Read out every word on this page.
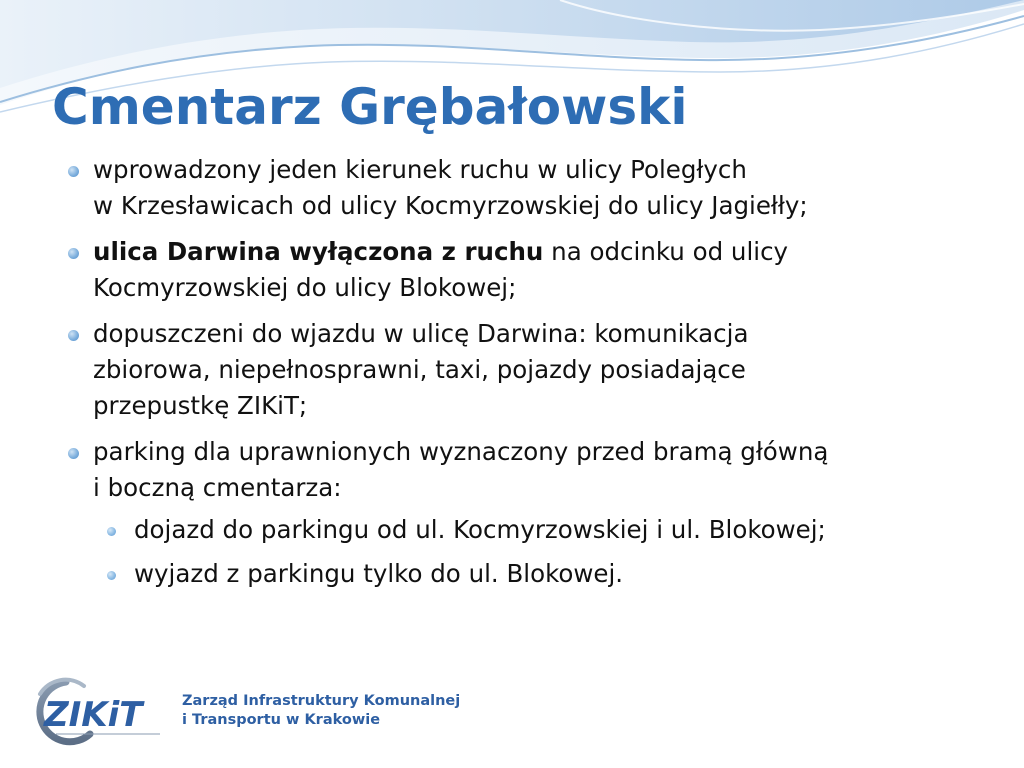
Cmentarz Grębałowski
wprowadzony jeden kierunek ruchu w ulicy Poległych
w Krzesławicach od ulicy Kocmyrzowskiej do ulicy Jagiełły;
ulica Darwina wyłączona z ruchu na odcinku od ulicy
Kocmyrzowskiej do ulicy Blokowej;
dopuszczeni do wjazdu w ulicę Darwina: komunikacja
zbiorowa, niepełnosprawni, taxi, pojazdy posiadające
przepustkę ZIKiT;
parking dla uprawnionych wyznaczony przed bramą główną
i boczną cmentarza:
dojazd do parkingu od ul. Kocmyrzowskiej i ul. Blokowej;
wyjazd z parkingu tylko do ul. Blokowej.
ZIKiT	Zarząd Infrastruktury Komunalnej
i Transportu w Krakowie
